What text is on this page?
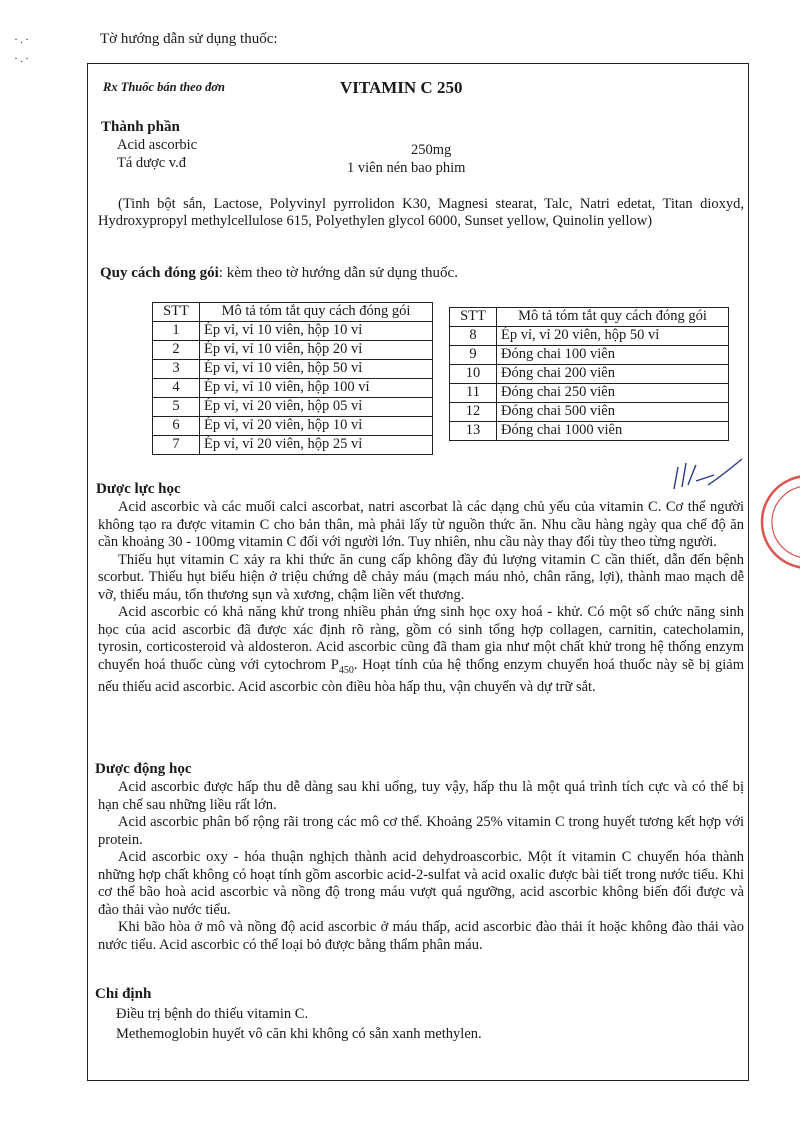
·.·
·.·
Tờ hướng dẫn sử dụng thuốc:
Rx Thuốc bán theo đơn	VITAMIN C 250
Thành phần
Acid ascorbic	250mg
Tá dược v.đ	1 viên nén bao phim
(Tinh bột sắn, Lactose, Polyvinyl pyrrolidon K30, Magnesi stearat, Talc, Natri edetat, Titan dioxyd, Hydroxypropyl methylcellulose 615, Polyethylen glycol 6000, Sunset yellow, Quinolin yellow)
Quy cách đóng gói: kèm theo tờ hướng dẫn sử dụng thuốc.
STT	Mô tả tóm tắt quy cách đóng gói
1	Ép vỉ, vỉ 10 viên, hộp 10 vỉ
2	Ép vỉ, vỉ 10 viên, hộp 20 vỉ
3	Ép vỉ, vỉ 10 viên, hộp 50 vỉ
4	Ép vỉ, vỉ 10 viên, hộp 100 vỉ
5	Ép vỉ, vỉ 20 viên, hộp 05 vỉ
6	Ép vỉ, vỉ 20 viên, hộp 10 vỉ
7	Ép vỉ, vỉ 20 viên, hộp 25 vỉ
STT	Mô tả tóm tắt quy cách đóng gói
8	Ép vỉ, vỉ 20 viên, hộp 50 vỉ
9	Đóng chai 100 viên
10	Đóng chai 200 viên
11	Đóng chai 250 viên
12	Đóng chai 500 viên
13	Đóng chai 1000 viên
Dược lực học
Acid ascorbic và các muối calci ascorbat, natri ascorbat là các dạng chủ yếu của vitamin C. Cơ thể người không tạo ra được vitamin C cho bản thân, mà phải lấy từ nguồn thức ăn. Nhu cầu hàng ngày qua chế độ ăn cần khoảng 30 - 100mg vitamin C đối với người lớn. Tuy nhiên, nhu cầu này thay đổi tùy theo từng người.
Thiếu hụt vitamin C xảy ra khi thức ăn cung cấp không đầy đủ lượng vitamin C cần thiết, dẫn đến bệnh scorbut. Thiếu hụt biểu hiện ở triệu chứng dễ chảy máu (mạch máu nhỏ, chân răng, lợi), thành mao mạch dễ vỡ, thiếu máu, tổn thương sụn và xương, chậm liền vết thương.
Acid ascorbic có khả năng khử trong nhiều phản ứng sinh học oxy hoá - khử. Có một số chức năng sinh học của acid ascorbic đã được xác định rõ ràng, gồm có sinh tổng hợp collagen, carnitin, catecholamin, tyrosin, corticosteroid và aldosteron. Acid ascorbic cũng đã tham gia như một chất khử trong hệ thống enzym chuyển hoá thuốc cùng với cytochrom $P_{450}$. Hoạt tính của hệ thống enzym chuyển hoá thuốc này sẽ bị giảm nếu thiếu acid ascorbic. Acid ascorbic còn điều hòa hấp thu, vận chuyển và dự trữ sắt.
Dược động học
Acid ascorbic được hấp thu dễ dàng sau khi uống, tuy vậy, hấp thu là một quá trình tích cực và có thể bị hạn chế sau những liều rất lớn.
Acid ascorbic phân bố rộng rãi trong các mô cơ thể. Khoảng 25% vitamin C trong huyết tương kết hợp với protein.
Acid ascorbic oxy - hóa thuận nghịch thành acid dehydroascorbic. Một ít vitamin C chuyển hóa thành những hợp chất không có hoạt tính gồm ascorbic acid-2-sulfat và acid oxalic được bài tiết trong nước tiểu. Khi cơ thể bão hoà acid ascorbic và nồng độ trong máu vượt quá ngưỡng, acid ascorbic không biến đổi được và đào thải vào nước tiểu.
Khi bão hòa ở mô và nồng độ acid ascorbic ở máu thấp, acid ascorbic đào thải ít hoặc không đào thải vào nước tiểu. Acid ascorbic có thể loại bỏ được bằng thẩm phân máu.
Chỉ định
Điều trị bệnh do thiếu vitamin C.
Methemoglobin huyết vô căn khi không có sẵn xanh methylen.
